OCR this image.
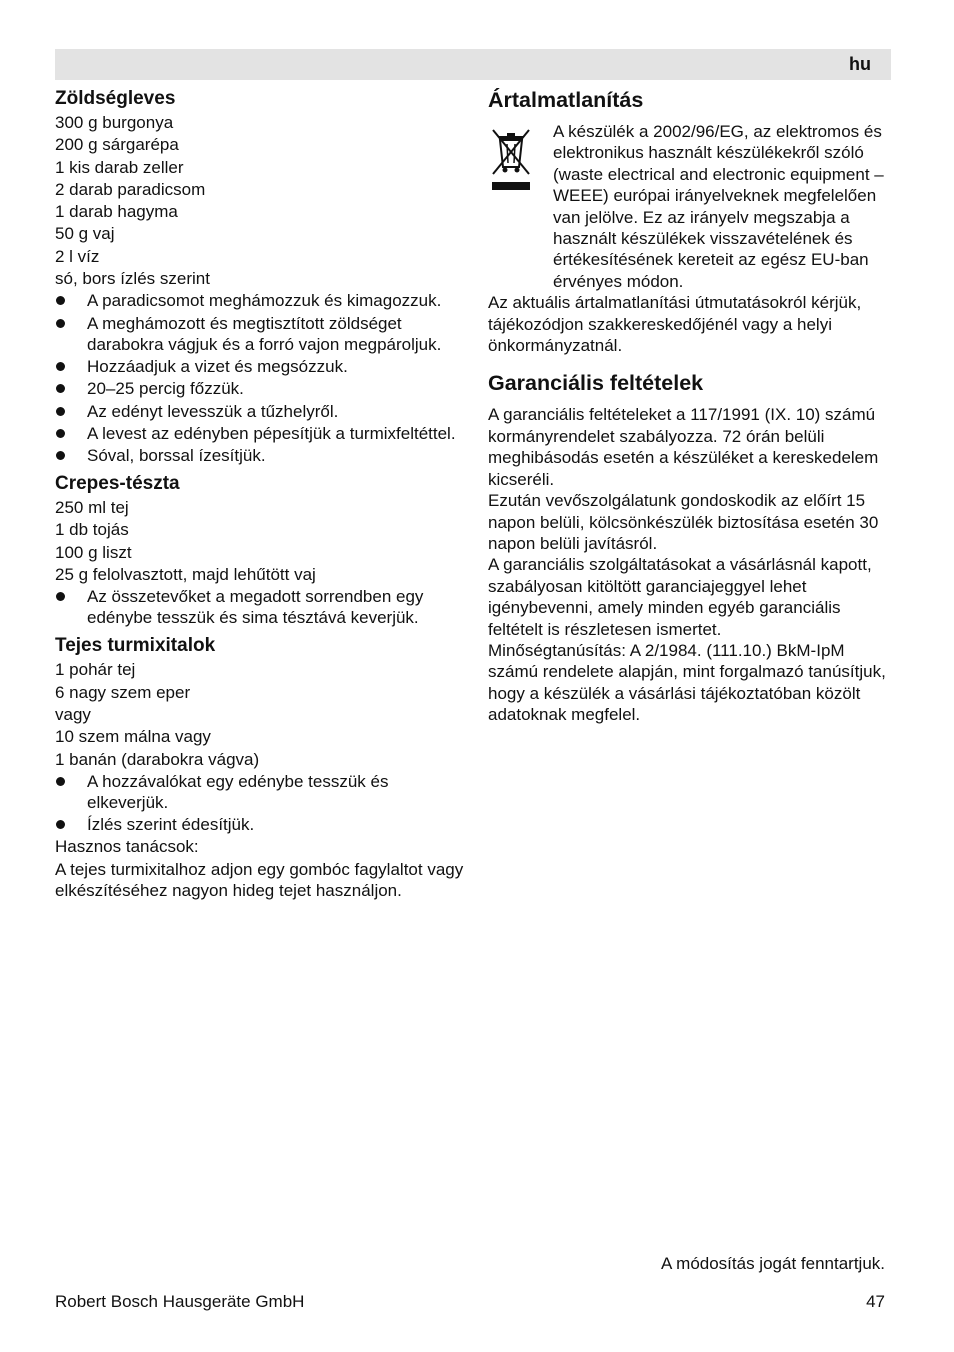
hu
Zöldségleves
300 g burgonya
200 g sárgarépa
1 kis darab zeller
2 darab paradicsom
1 darab hagyma
50 g vaj
2 l víz
só, bors ízlés szerint
A paradicsomot meghámozzuk és kimagozzuk.
A meghámozott és megtisztított zöldséget darabokra vágjuk és a forró vajon megpároljuk.
Hozzáadjuk a vizet és megsózzuk.
20–25 percig főzzük.
Az edényt levesszük a tűzhelyről.
A levest az edényben pépesítjük a turmixfeltéttel.
Sóval, borssal ízesítjük.
Crepes-tészta
250 ml tej
1 db tojás
100 g liszt
25 g felolvasztott, majd lehűtött vaj
Az összetevőket a megadott sorrendben egy edénybe tesszük és sima tésztává keverjük.
Tejes turmixitalok
1 pohár tej
6 nagy szem eper
vagy
10 szem málna vagy
1 banán (darabokra vágva)
A hozzávalókat egy edénybe tesszük és elkeverjük.
Ízlés szerint édesítjük.
Hasznos tanácsok:
A tejes turmixitalhoz adjon egy gombóc fagylaltot vagy elkészítéséhez nagyon hideg tejet használjon.
Ártalmatlanítás

A készülék a 2002/96/EG, az elektromos és elektronikus használt készülékekről szóló (waste electrical and electronic equipment – WEEE) európai irányelveknek megfelelően van jelölve. Ez az irányelv megszabja a használt készülékek visszavételének és értékesítésének kereteit az egész EU-ban érvényes módon.

Az aktuális ártalmatlanítási útmutatásokról kérjük, tájékozódjon szakkereskedőjénél vagy a helyi önkormányzatnál.

Garanciális feltételek

A garanciális feltételeket a 117/1991 (IX. 10) számú kormányrendelet szabályozza. 72 órán belüli meghibásodás esetén a készüléket a kereskedelem kicseréli.

Ezután vevőszolgálatunk gondoskodik az előírt 15 napon belüli, kölcsönkészülék biztosítása esetén 30 napon belüli javításról.

A garanciális szolgáltatásokat a vásárlásnál kapott, szabályosan kitöltött garanciajeggyel lehet igénybevenni, amely minden egyéb garanciális feltételt is részletesen ismertet.

Minőségtanúsítás: A 2/1984. (111.10.) BkM-IpM számú rendelete alapján, mint forgalmazó tanúsítjuk, hogy a készülék a vásárlási tájékoztatóban közölt adatoknak megfelel.

A módosítás jogát fenntartjuk.
Robert Bosch Hausgeräte GmbH	47
